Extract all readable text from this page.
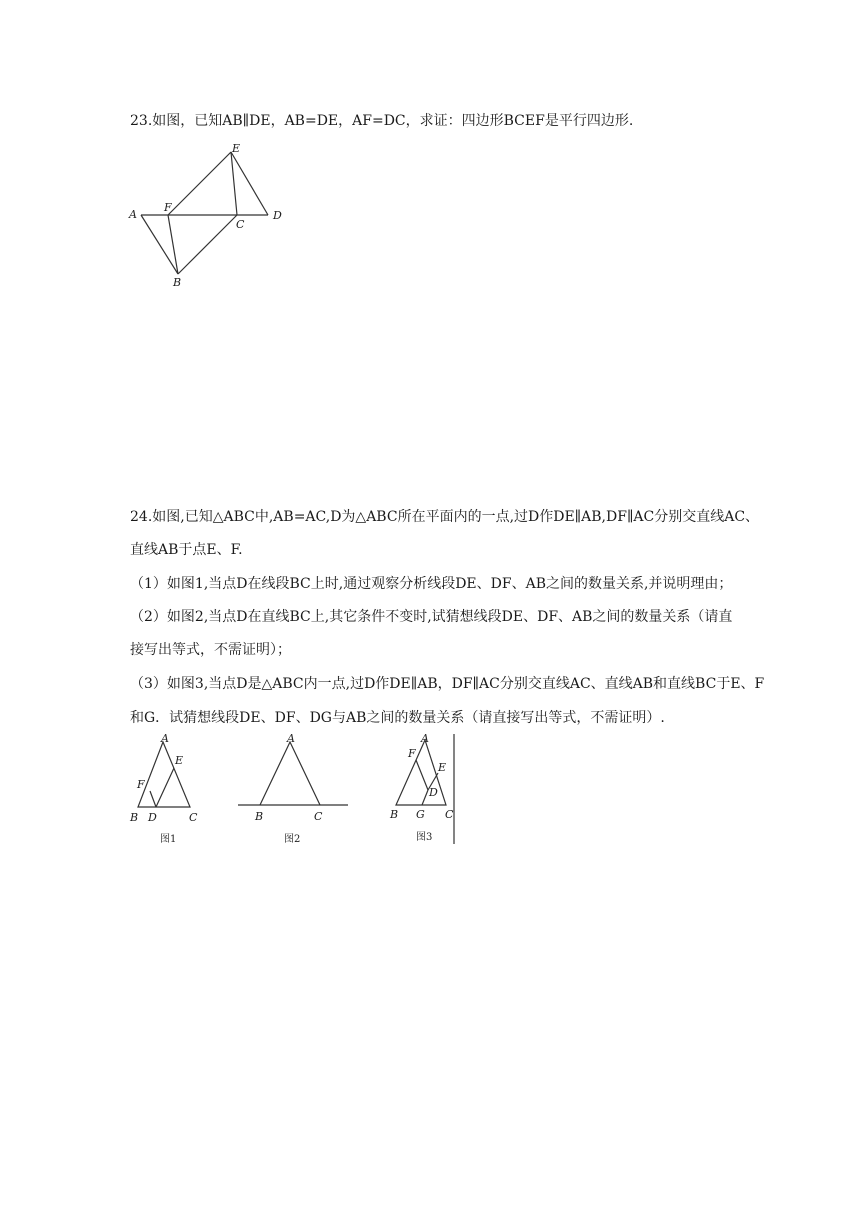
23.如图，已知AB∥DE，AB=DE，AF=DC，求证：四边形BCEF是平行四边形.
A
B
C
D
E
F
24.如图,已知△ABC中,AB=AC,D为△ABC所在平面内的一点,过D作DE∥AB,DF∥AC分别交直线AC、
直线AB于点E、F.
（1）如图1,当点D在线段BC上时,通过观察分析线段DE、DF、AB之间的数量关系,并说明理由；
（2）如图2,当点D在直线BC上,其它条件不变时,试猜想线段DE、DF、AB之间的数量关系（请直
接写出等式，不需证明）；
（3）如图3,当点D是△ABC内一点,过D作DE∥AB，DF∥AC分别交直线AC、直线AB和直线BC于E、F
和G．试猜想线段DE、DF、DG与AB之间的数量关系（请直接写出等式，不需证明）.
A
B	C
D
E
F
图1
A
B	C
图2
A
B	C
D
E
F
G
图3
